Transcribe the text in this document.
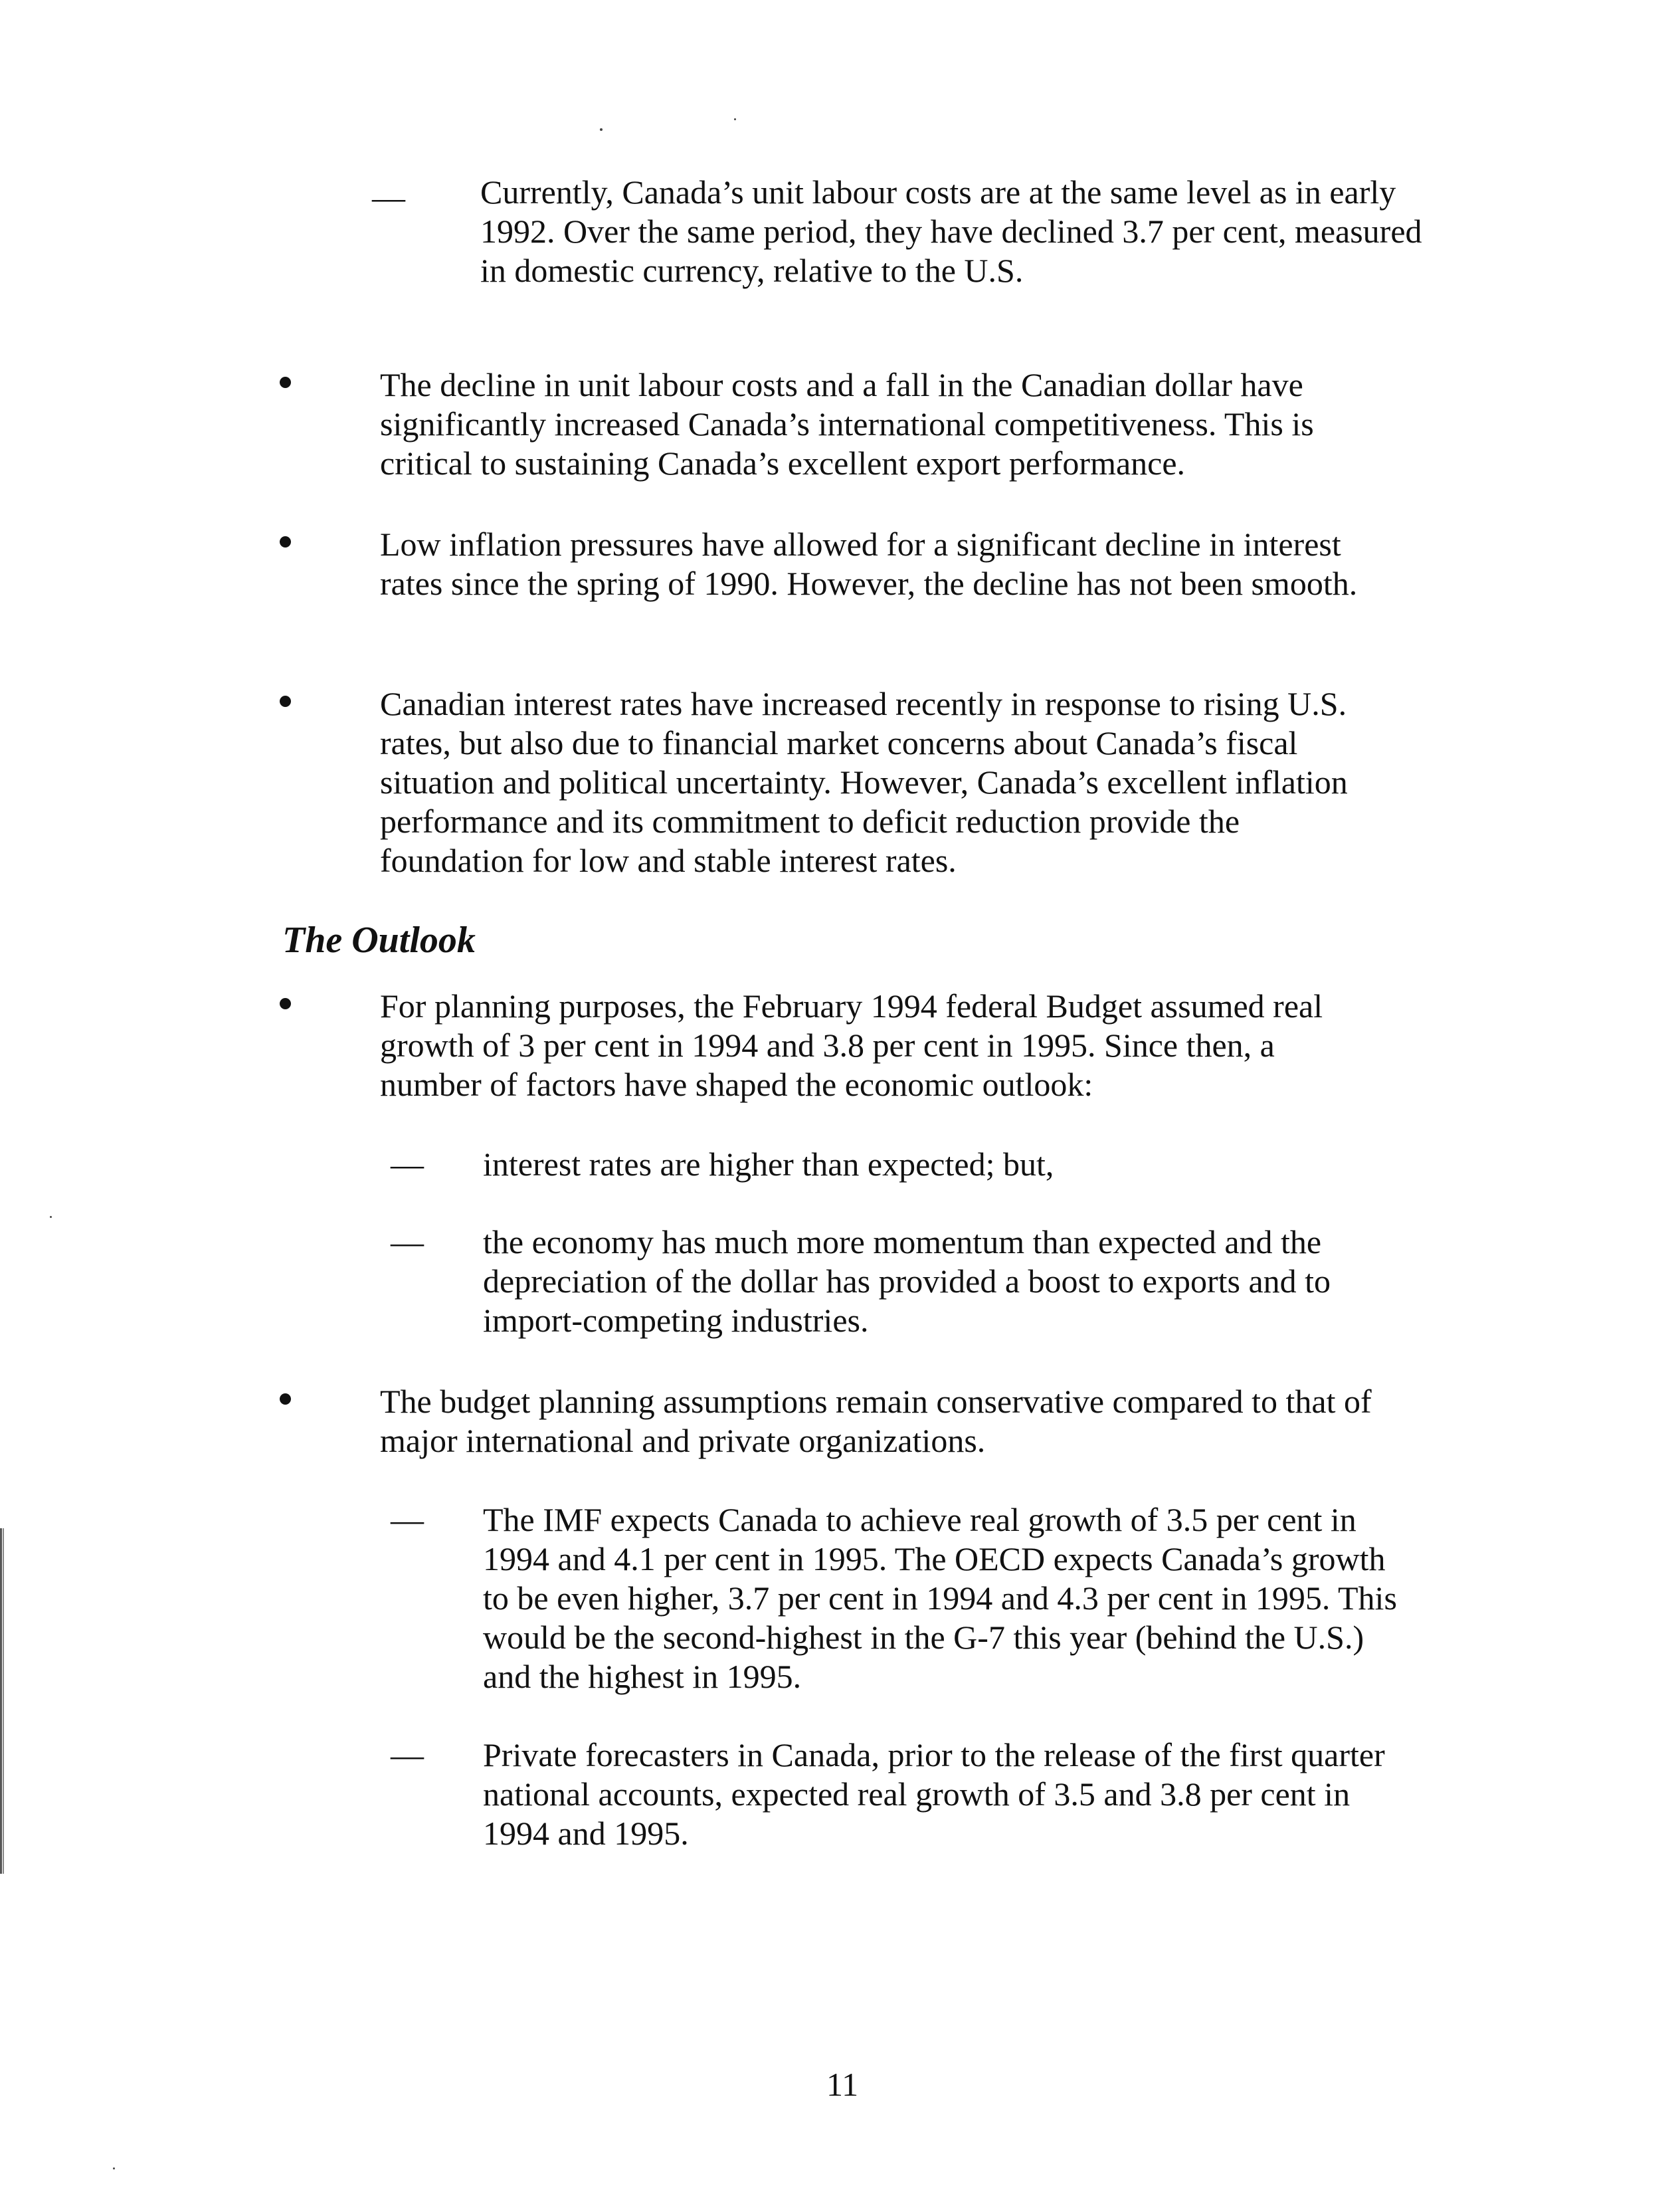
— Currently, Canada’s unit labour costs are at the same level as in early 1992. Over the same period, they have declined 3.7 per cent, measured in domestic currency, relative to the U.S.

The decline in unit labour costs and a fall in the Canadian dollar have significantly increased Canada’s international competitiveness. This is critical to sustaining Canada’s excellent export performance.

Low inflation pressures have allowed for a significant decline in interest rates since the spring of 1990. However, the decline has not been smooth.

Canadian interest rates have increased recently in response to rising U.S. rates, but also due to financial market concerns about Canada’s fiscal situation and political uncertainty. However, Canada’s excellent inflation performance and its commitment to deficit reduction provide the foundation for low and stable interest rates.

The Outlook

For planning purposes, the February 1994 federal Budget assumed real growth of 3 per cent in 1994 and 3.8 per cent in 1995. Since then, a number of factors have shaped the economic outlook:

— interest rates are higher than expected; but,

— the economy has much more momentum than expected and the depreciation of the dollar has provided a boost to exports and to import-competing industries.

The budget planning assumptions remain conservative compared to that of major international and private organizations.

— The IMF expects Canada to achieve real growth of 3.5 per cent in 1994 and 4.1 per cent in 1995. The OECD expects Canada’s growth to be even higher, 3.7 per cent in 1994 and 4.3 per cent in 1995. This would be the second-highest in the G-7 this year (behind the U.S.) and the highest in 1995.

— Private forecasters in Canada, prior to the release of the first quarter national accounts, expected real growth of 3.5 and 3.8 per cent in 1994 and 1995.

11
